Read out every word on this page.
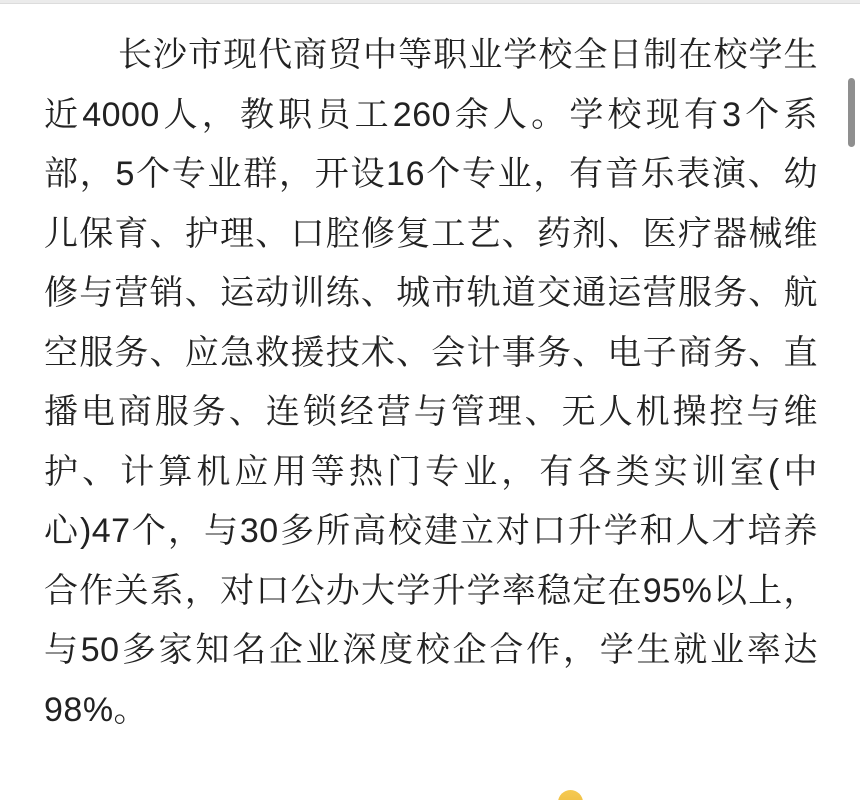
长沙市现代商贸中等职业学校全日制在校学生
近4000人，教职员工260余人。学校现有3个系
部，5个专业群，开设16个专业，有音乐表演、幼
儿保育、护理、口腔修复工艺、药剂、医疗器械维
修与营销、运动训练、城市轨道交通运营服务、航
空服务、应急救援技术、会计事务、电子商务、直
播电商服务、连锁经营与管理、无人机操控与维
护、计算机应用等热门专业，有各类实训室(中
心)47个，与30多所高校建立对口升学和人才培养
合作关系，对口公办大学升学率稳定在95%以上，
与50多家知名企业深度校企合作，学生就业率达
98%。
